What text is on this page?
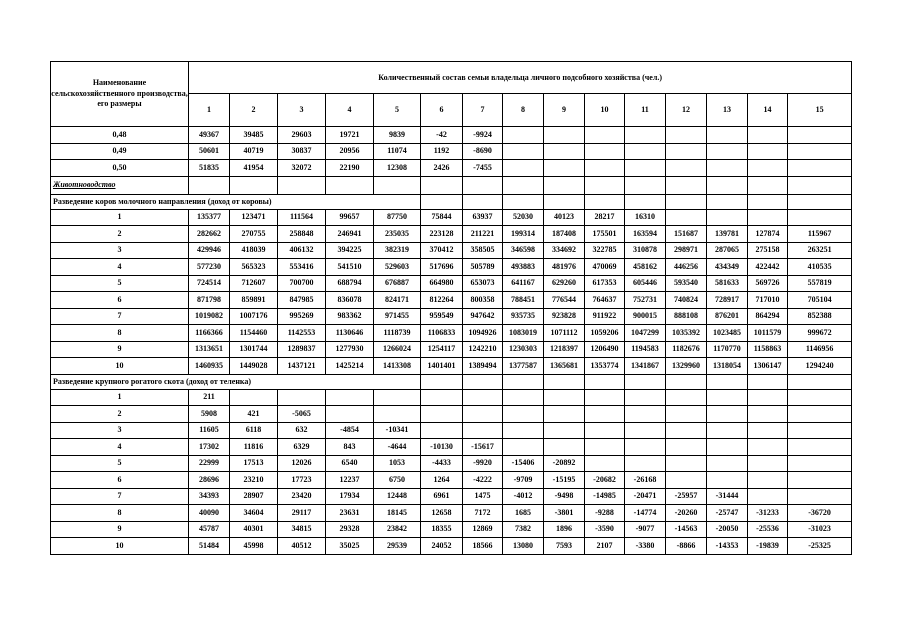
Наименование сельскохозяйственного производства, его размеры	Количественный состав семьи владельца личного подсобного хозяйства (чел.)														
	1	2	3	4	5	6	7	8	9	10	11	12	13	14	15
0,48	49367	39485	29603	19721	9839	-42	-9924								
0,49	50601	40719	30837	20956	11074	1192	-8690								
0,50	51835	41954	32072	22190	12308	2426	-7455								
Животноводство															
Разведение коров молочного направления (доход от коровы)															
1	135377	123471	111564	99657	87750	75844	63937	52030	40123	28217	16310				
2	282662	270755	258848	246941	235035	223128	211221	199314	187408	175501	163594	151687	139781	127874	115967
3	429946	418039	406132	394225	382319	370412	358505	346598	334692	322785	310878	298971	287065	275158	263251
4	577230	565323	553416	541510	529603	517696	505789	493883	481976	470069	458162	446256	434349	422442	410535
5	724514	712607	700700	688794	676887	664980	653073	641167	629260	617353	605446	593540	581633	569726	557819
6	871798	859891	847985	836078	824171	812264	800358	788451	776544	764637	752731	740824	728917	717010	705104
7	1019082	1007176	995269	983362	971455	959549	947642	935735	923828	911922	900015	888108	876201	864294	852388
8	1166366	1154460	1142553	1130646	1118739	1106833	1094926	1083019	1071112	1059206	1047299	1035392	1023485	1011579	999672
9	1313651	1301744	1289837	1277930	1266024	1254117	1242210	1230303	1218397	1206490	1194583	1182676	1170770	1158863	1146956
10	1460935	1449028	1437121	1425214	1413308	1401401	1389494	1377587	1365681	1353774	1341867	1329960	1318054	1306147	1294240
Разведение крупного рогатого скота (доход от теленка)															
1	211														
2	5908	421	-5065												
3	11605	6118	632	-4854	-10341										
4	17302	11816	6329	843	-4644	-10130	-15617								
5	22999	17513	12026	6540	1053	-4433	-9920	-15406	-20892						
6	28696	23210	17723	12237	6750	1264	-4222	-9709	-15195	-20682	-26168				
7	34393	28907	23420	17934	12448	6961	1475	-4012	-9498	-14985	-20471	-25957	-31444		
8	40090	34604	29117	23631	18145	12658	7172	1685	-3801	-9288	-14774	-20260	-25747	-31233	-36720
9	45787	40301	34815	29328	23842	18355	12869	7382	1896	-3590	-9077	-14563	-20050	-25536	-31023
10	51484	45998	40512	35025	29539	24052	18566	13080	7593	2107	-3380	-8866	-14353	-19839	-25325
